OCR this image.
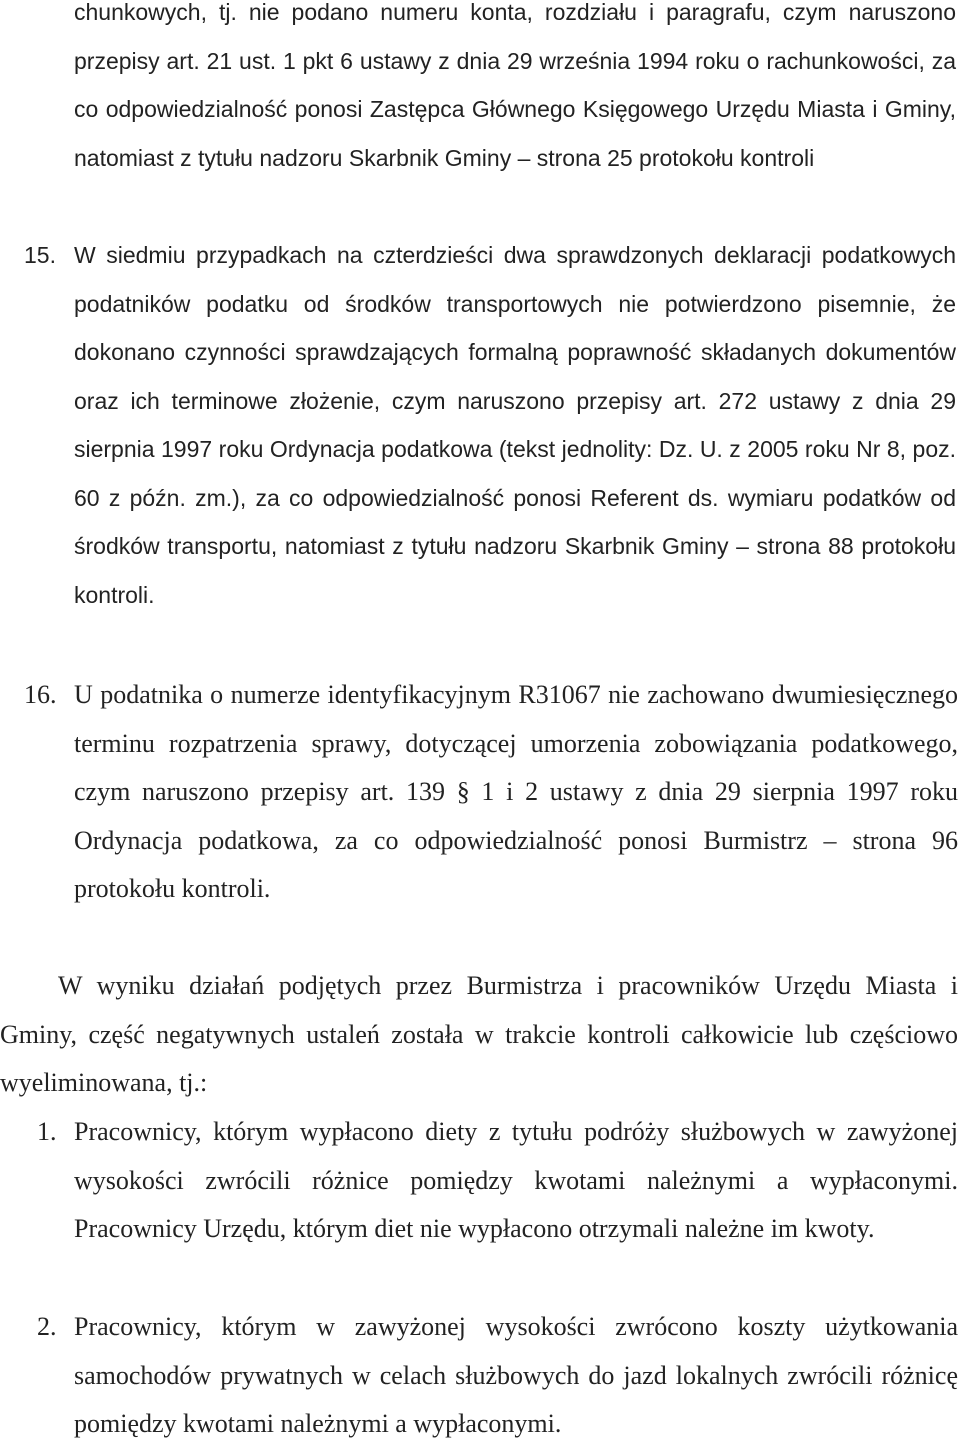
chunkowych, tj. nie podano numeru konta, rozdziału i paragrafu, czym naruszono przepisy art. 21 ust. 1 pkt 6 ustawy z dnia 29 września 1994 roku o rachunkowości, za co odpowiedzialność ponosi Zastępca Głównego Księgowego Urzędu Miasta i Gminy, natomiast z tytułu nadzoru Skarbnik Gminy – strona 25 protokołu kontroli

15. W siedmiu przypadkach na czterdzieści dwa sprawdzonych deklaracji podatkowych podatników podatku od środków transportowych nie potwierdzono pisemnie, że dokonano czynności sprawdzających formalną poprawność składanych dokumentów oraz ich terminowe złożenie, czym naruszono przepisy art. 272 ustawy z dnia 29 sierpnia 1997 roku Ordynacja podatkowa (tekst jednolity: Dz. U. z 2005 roku Nr 8, poz. 60 z późn. zm.), za co odpowiedzialność ponosi Referent ds. wymiaru podatków od środków transportu, natomiast z tytułu nadzoru Skarbnik Gminy – strona 88 protokołu kontroli.

16. U podatnika o numerze identyfikacyjnym R31067 nie zachowano dwumiesięcznego terminu rozpatrzenia sprawy, dotyczącej umorzenia zobowiązania podatkowego, czym naruszono przepisy art. 139 § 1 i 2 ustawy z dnia 29 sierpnia 1997 roku Ordynacja podatkowa, za co odpowiedzialność ponosi Burmistrz – strona 96 protokołu kontroli.

W wyniku działań podjętych przez Burmistrza i pracowników Urzędu Miasta i Gminy, część negatywnych ustaleń została w trakcie kontroli całkowicie lub częściowo wyeliminowana, tj.:

1. Pracownicy, którym wypłacono diety z tytułu podróży służbowych w zawyżonej wysokości zwrócili różnice pomiędzy kwotami należnymi a wypłaconymi. Pracownicy Urzędu, którym diet nie wypłacono otrzymali należne im kwoty.

2. Pracownicy, którym w zawyżonej wysokości zwrócono koszty użytkowania samochodów prywatnych w celach służbowych do jazd lokalnych zwrócili różnicę pomiędzy kwotami należnymi a wypłaconymi.
